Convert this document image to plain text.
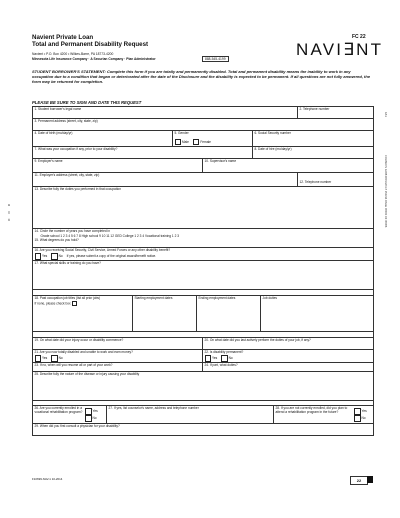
Navient Private Loan
Total and Permanent Disability Request
FC 22
NAVI∃NT
Navient • P.O. Box 4200 • Wilkes-Barre, PA 18773-4200
Minnesota Life Insurance Company · A Securian Company · Plan Administrator	888-545-4199
STUDENT BORROWER'S STATEMENT: Complete this form if you are totally and permanently disabled. Total and permanent disability means the inability to work in any occupation due to a condition that began or deteriorated after the date of the Disclosure and the disability is expected to be permanent. If all questions are not fully answered, the form may be returned for completion.
PLEASE BE SURE TO SIGN AND DATE THIS REQUEST
1. Student borrower's legal name	2. Telephone number
3. Permanent address (street, city, state, zip)
4. Date of birth (mo/day/yr)	5. Gender
Male	Female
6. Social Security number
7. What was your occupation if any, prior to your disability?	8. Date of hire (mo/day/yr)
9. Employer's name	10. Supervisor's name
11. Employer's address (street, city, state, zip)
12. Telephone number
13. Describe fully the duties you performed in that occupation
14. Circle the number of years you have completed in
Grade school 1 2 3 4 5 6 7 8 High school 9 10 11 12 GED College 1 2 3 4 Vocational training 1 2 3
15. What degrees do you hold?
16. Are you receiving Social Security, Civil Service, Armed Forces or any other disability benefit?
Yes	No If yes, please submit a copy of the original award/benefit notice.
17. What special skills or training do you have?
18. Past occupation job titles (list all prior jobs)
If none, please check box
Starting employment dates	Ending employment dates	Job duties
19. On what date did your injury occur or disability commence?	20. On what date did you last actively perform the duties of your job, if any?
21. Are you now totally disabled and unable to work and earn money?
Yes	No
22. Is disability permanent?
Yes	No
23. If no, when will you resume all or part of your work?	24. If part, what duties?
25. Describe fully the nature of the disease or injury causing your disability
26. Are you currently enrolled in a vocational rehabilitation program?	Yes
No
27. If yes, list counselor's name, address and telephone number	28. If you are not currently enrolled, did you plan to attend a rehabilitation program in the future?	Yes
No
29. When did you first consult a physician for your disability?
F10699-NAV-1 10-2014	22
COUSRCN 12/28 9001 E8 GT 152314 PAGE 00002 OF 00006
1/11
o o o
